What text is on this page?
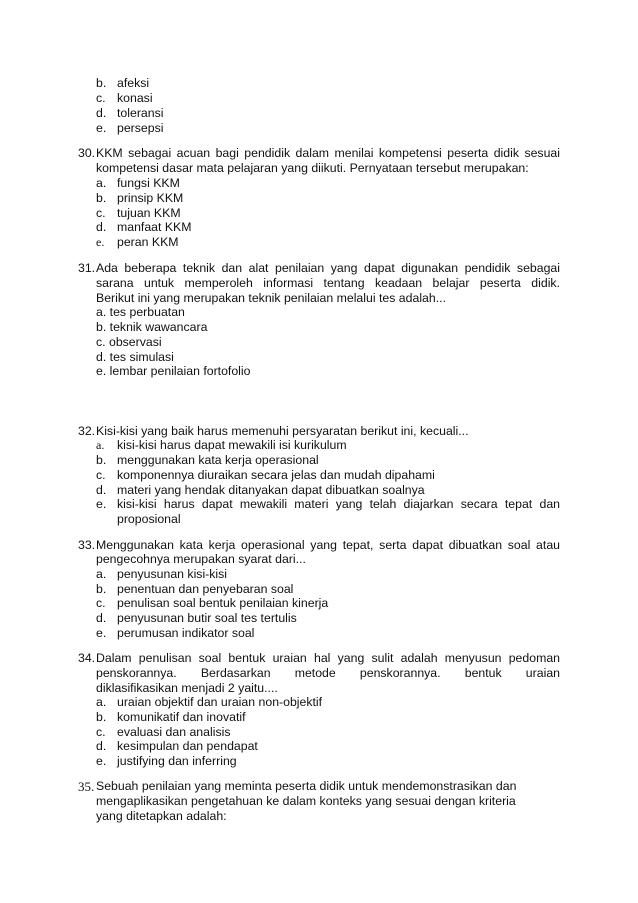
b. afeksi
c. konasi
d. toleransi
e. persepsi
30. KKM sebagai acuan bagi pendidik dalam menilai kompetensi peserta didik sesuai
kompetensi dasar mata pelajaran yang diikuti. Pernyataan tersebut merupakan:
a. fungsi KKM
b. prinsip KKM
c. tujuan KKM
d. manfaat KKM
e. peran KKM
31. Ada beberapa teknik dan alat penilaian yang dapat digunakan pendidik sebagai
sarana untuk memperoleh informasi tentang keadaan belajar peserta didik.
Berikut ini yang merupakan teknik penilaian melalui tes adalah...
a. tes perbuatan
b. teknik wawancara
c. observasi
d. tes simulasi
e. lembar penilaian fortofolio
32. Kisi-kisi yang baik harus memenuhi persyaratan berikut ini, kecuali...
a. kisi-kisi harus dapat mewakili isi kurikulum
b. menggunakan kata kerja operasional
c. komponennya diuraikan secara jelas dan mudah dipahami
d. materi yang hendak ditanyakan dapat dibuatkan soalnya
e. kisi-kisi harus dapat mewakili materi yang telah diajarkan secara tepat dan
proposional
33. Menggunakan kata kerja operasional yang tepat, serta dapat dibuatkan soal atau
pengecohnya merupakan syarat dari...
a. penyusunan kisi-kisi
b. penentuan dan penyebaran soal
c. penulisan soal bentuk penilaian kinerja
d. penyusunan butir soal tes tertulis
e. perumusan indikator soal
34. Dalam penulisan soal bentuk uraian hal yang sulit adalah menyusun pedoman
penskorannya. Berdasarkan metode penskorannya. bentuk uraian
diklasifikasikan menjadi 2 yaitu....
a. uraian objektif dan uraian non-objektif
b. komunikatif dan inovatif
c. evaluasi dan analisis
d. kesimpulan dan pendapat
e. justifying dan inferring
35. Sebuah penilaian yang meminta peserta didik untuk mendemonstrasikan dan
mengaplikasikan pengetahuan ke dalam konteks yang sesuai dengan kriteria
yang ditetapkan adalah:
